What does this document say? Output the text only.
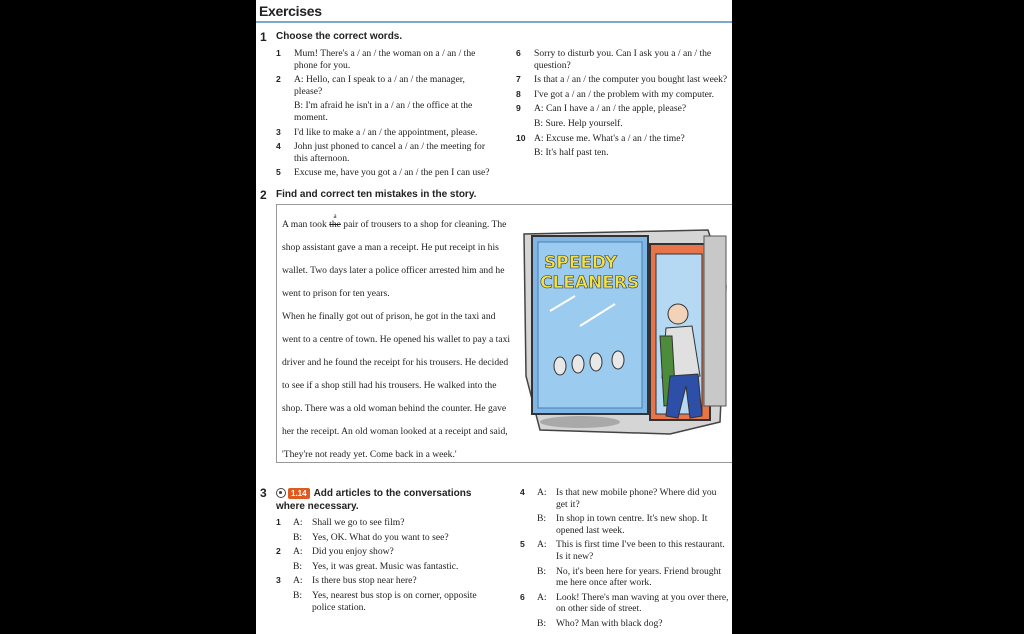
Exercises
1 Choose the correct words.
1 Mum! There's a / an / the woman on a / an / the phone for you.
2 A: Hello, can I speak to a / an / the manager, please?
B: I'm afraid he isn't in a / an / the office at the moment.
3 I'd like to make a / an / the appointment, please.
4 John just phoned to cancel a / an / the meeting for this afternoon.
5 Excuse me, have you got a / an / the pen I can use?
6 Sorry to disturb you. Can I ask you a / an / the question?
7 Is that a / an / the computer you bought last week?
8 I've got a / an / the problem with my computer.
9 A: Can I have a / an / the apple, please?
B: Sure. Help yourself.
10 A: Excuse me. What's a / an / the time?
B: It's half past ten.
2 Find and correct ten mistakes in the story.

A man took
a
the pair of trousers to a shop for cleaning. The shop assistant gave a man a receipt. He put receipt in his wallet. Two days later a police officer arrested him and he went to prison for ten years.

When he finally got out of prison, he got in the taxi and went to a centre of town. He opened his wallet to pay a taxi driver and he found the receipt for his trousers. He decided to see if a shop still had his trousers. He walked into the shop. There was a old woman behind the counter. He gave her the receipt. An old woman looked at a receipt and said, 'They're not ready yet. Come back in a week.'

SPEEDY
CLEANERS
3	1.14 Add articles to the conversations where necessary.
1 A: Shall we go to see film?
B: Yes, OK. What do you want to see?
2 A: Did you enjoy show?
B: Yes, it was great. Music was fantastic.
3 A: Is there bus stop near here?
B: Yes, nearest bus stop is on corner, opposite police station.
4 A: Is that new mobile phone? Where did you get it?
B: In shop in town centre. It's new shop. It opened last week.
5 A: This is first time I've been to this restaurant. Is it new?
B: No, it's been here for years. Friend brought me here once after work.
6 A: Look! There's man waving at you over there, on other side of street.
B: Who? Man with black dog?
